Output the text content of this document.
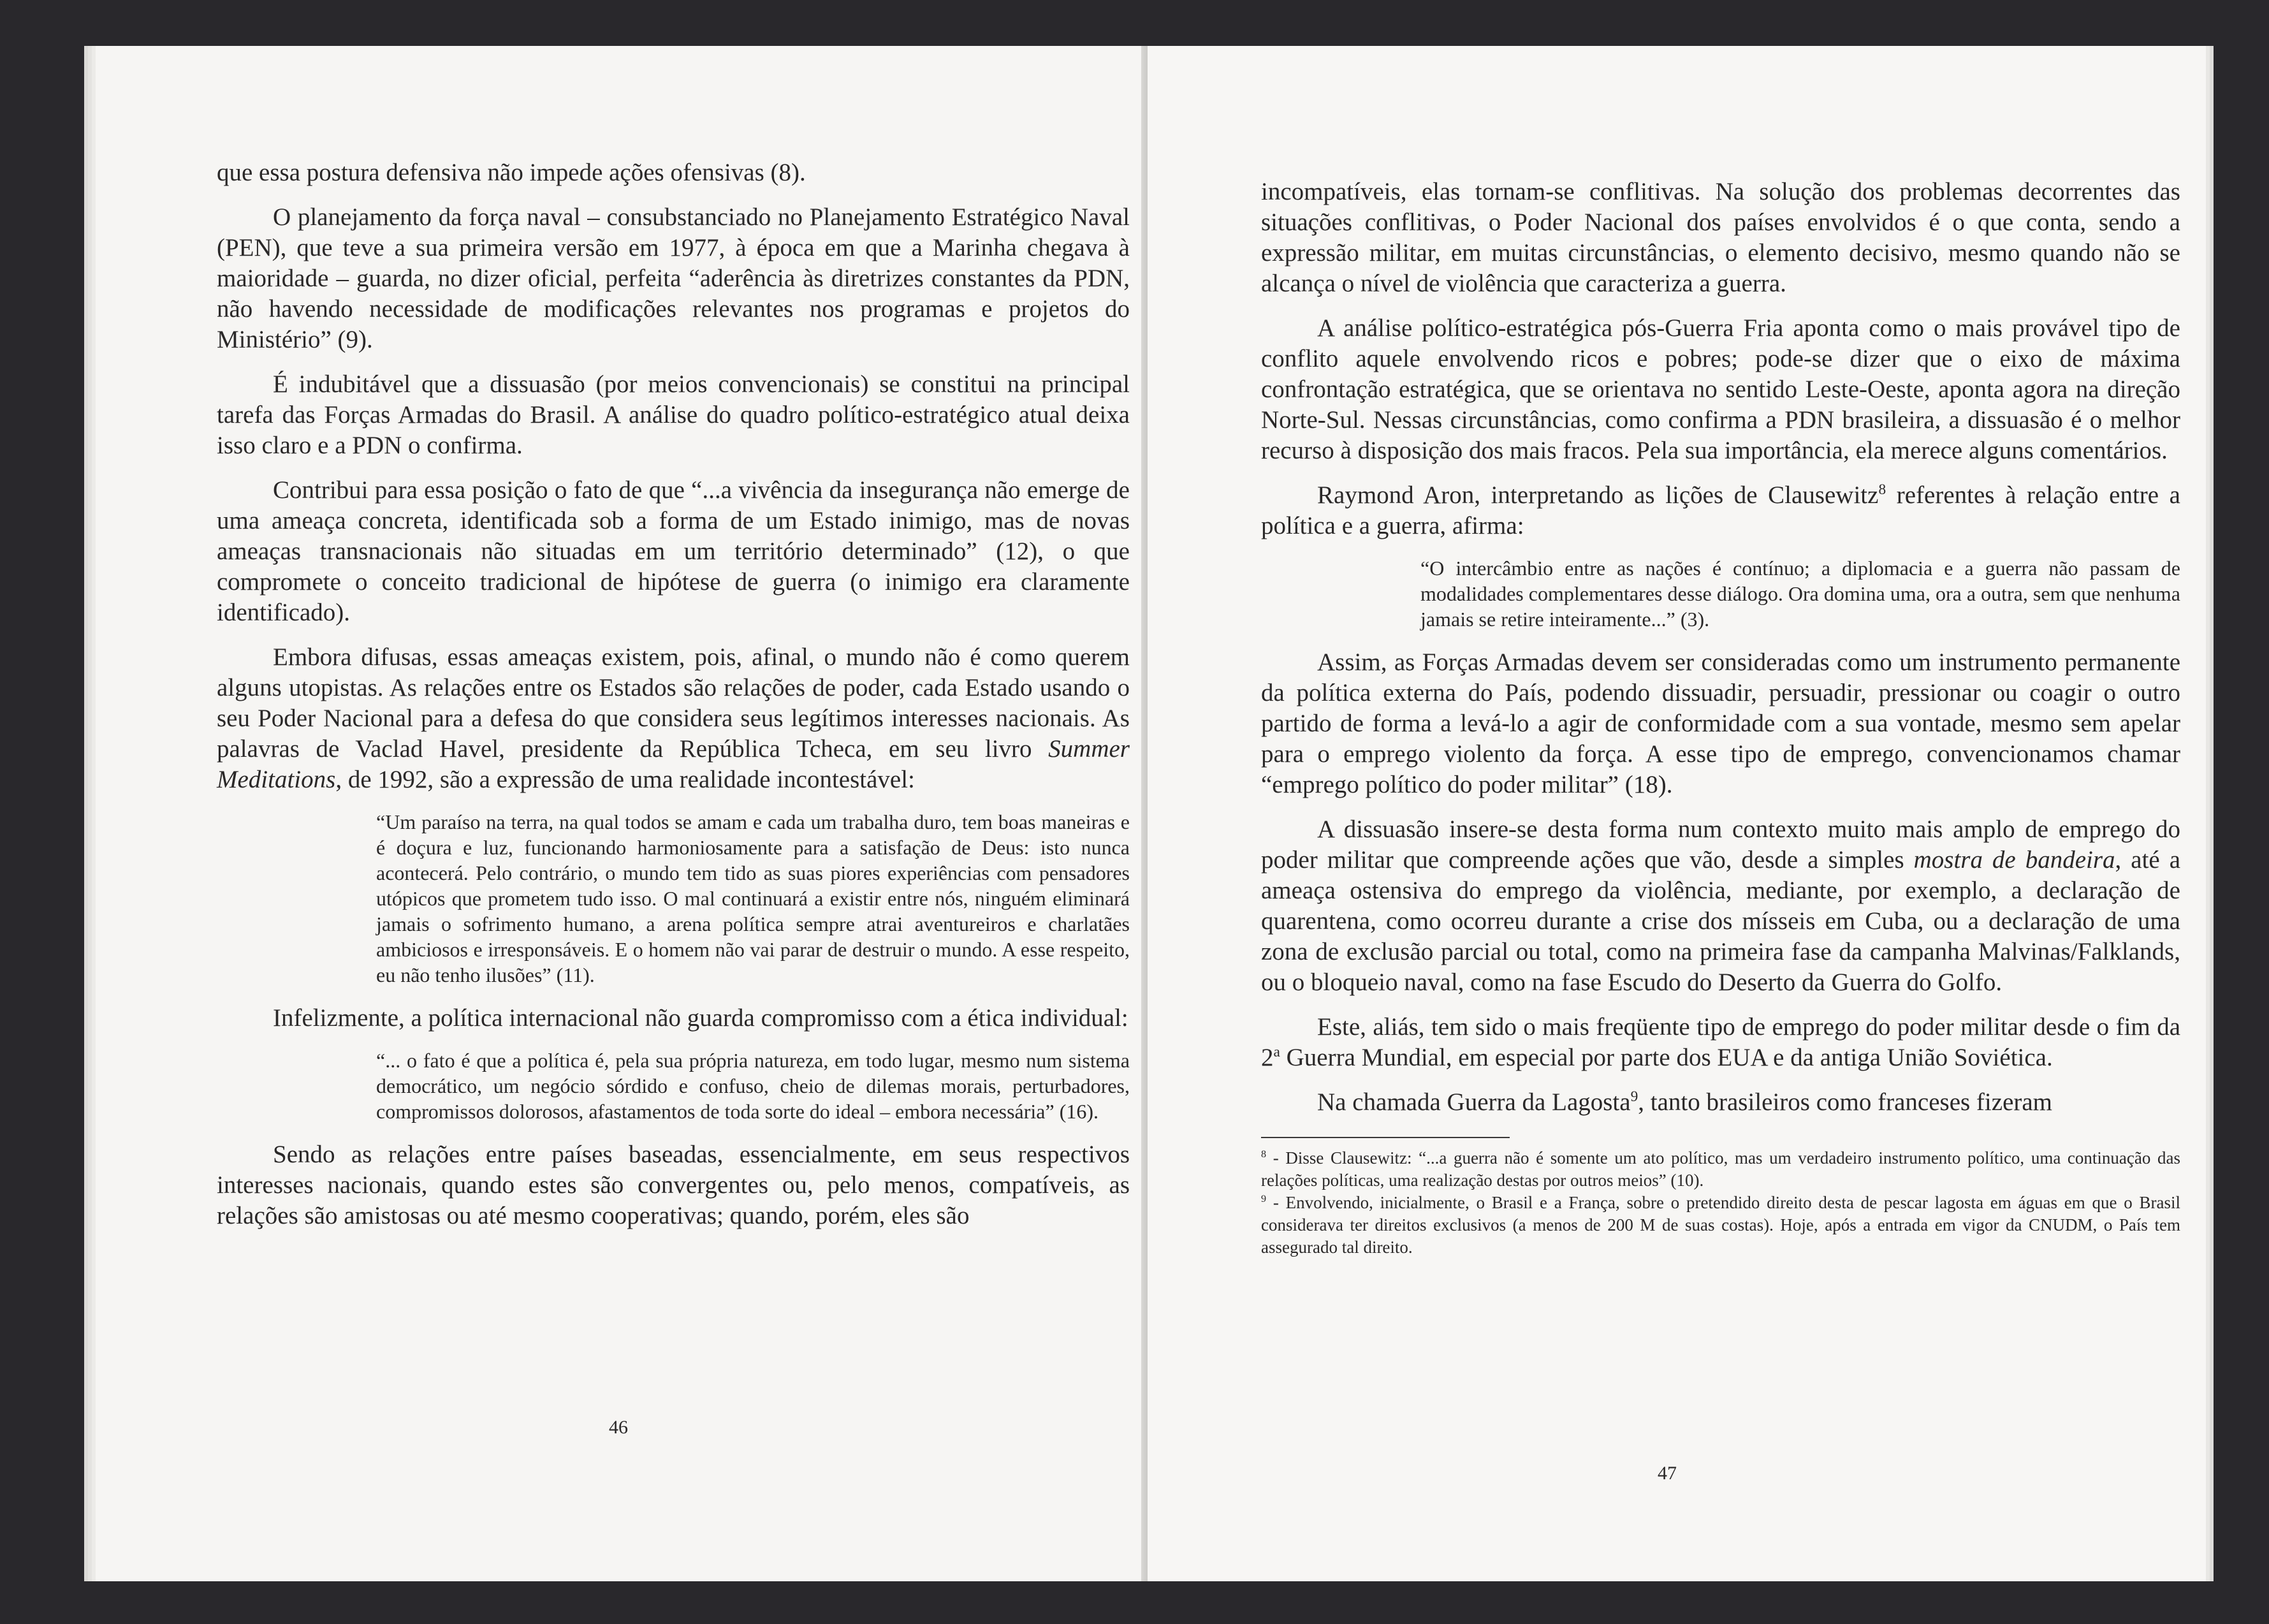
que essa postura defensiva não impede ações ofensivas (8).

O planejamento da força naval – consubstanciado no Planejamento Estratégico Naval (PEN), que teve a sua primeira versão em 1977, à época em que a Marinha chegava à maioridade – guarda, no dizer oficial, perfeita “aderência às diretrizes constantes da PDN, não havendo necessidade de modificações relevantes nos programas e projetos do Ministério” (9).

É indubitável que a dissuasão (por meios convencionais) se constitui na principal tarefa das Forças Armadas do Brasil. A análise do quadro político-estratégico atual deixa isso claro e a PDN o confirma.

Contribui para essa posição o fato de que “...a vivência da insegurança não emerge de uma ameaça concreta, identificada sob a forma de um Estado inimigo, mas de novas ameaças transnacionais não situadas em um território determinado” (12), o que compromete o conceito tradicional de hipótese de guerra (o inimigo era claramente identificado).

Embora difusas, essas ameaças existem, pois, afinal, o mundo não é como querem alguns utopistas. As relações entre os Estados são relações de poder, cada Estado usando o seu Poder Nacional para a defesa do que considera seus legítimos interesses nacionais. As palavras de Vaclad Havel, presidente da República Tcheca, em seu livro Summer Meditations, de 1992, são a expressão de uma realidade incontestável:

“Um paraíso na terra, na qual todos se amam e cada um trabalha duro, tem boas maneiras e é doçura e luz, funcionando harmoniosamente para a satisfação de Deus: isto nunca acontecerá. Pelo contrário, o mundo tem tido as suas piores experiências com pensadores utópicos que prometem tudo isso. O mal continuará a existir entre nós, ninguém eliminará jamais o sofrimento humano, a arena política sempre atrai aventureiros e charlatães ambiciosos e irresponsáveis. E o homem não vai parar de destruir o mundo. A esse respeito, eu não tenho ilusões” (11).

Infelizmente, a política internacional não guarda compromisso com a ética individual:

“... o fato é que a política é, pela sua própria natureza, em todo lugar, mesmo num sistema democrático, um negócio sórdido e confuso, cheio de dilemas morais, perturbadores, compromissos dolorosos, afastamentos de toda sorte do ideal – embora necessária” (16).

Sendo as relações entre países baseadas, essencialmente, em seus respectivos interesses nacionais, quando estes são convergentes ou, pelo menos, compatíveis, as relações são amistosas ou até mesmo cooperativas; quando, porém, eles são

46

incompatíveis, elas tornam-se conflitivas. Na solução dos problemas decorrentes das situações conflitivas, o Poder Nacional dos países envolvidos é o que conta, sendo a expressão militar, em muitas circunstâncias, o elemento decisivo, mesmo quando não se alcança o nível de violência que caracteriza a guerra.

A análise político-estratégica pós-Guerra Fria aponta como o mais provável tipo de conflito aquele envolvendo ricos e pobres; pode-se dizer que o eixo de máxima confrontação estratégica, que se orientava no sentido Leste-Oeste, aponta agora na direção Norte-Sul. Nessas circunstâncias, como confirma a PDN brasileira, a dissuasão é o melhor recurso à disposição dos mais fracos. Pela sua importância, ela merece alguns comentários.

Raymond Aron, interpretando as lições de Clausewitz$^8$ referentes à relação entre a política e a guerra, afirma:

“O intercâmbio entre as nações é contínuo; a diplomacia e a guerra não passam de modalidades complementares desse diálogo. Ora domina uma, ora a outra, sem que nenhuma jamais se retire inteiramente...” (3).

Assim, as Forças Armadas devem ser consideradas como um instrumento permanente da política externa do País, podendo dissuadir, persuadir, pressionar ou coagir o outro partido de forma a levá-lo a agir de conformidade com a sua vontade, mesmo sem apelar para o emprego violento da força. A esse tipo de emprego, convencionamos chamar “emprego político do poder militar” (18).

A dissuasão insere-se desta forma num contexto muito mais amplo de emprego do poder militar que compreende ações que vão, desde a simples mostra de bandeira, até a ameaça ostensiva do emprego da violência, mediante, por exemplo, a declaração de quarentena, como ocorreu durante a crise dos mísseis em Cuba, ou a declaração de uma zona de exclusão parcial ou total, como na primeira fase da campanha Malvinas/Falklands, ou o bloqueio naval, como na fase Escudo do Deserto da Guerra do Golfo.

Este, aliás, tem sido o mais freqüente tipo de emprego do poder militar desde o fim da 2$^a$ Guerra Mundial, em especial por parte dos EUA e da antiga União Soviética.

Na chamada Guerra da Lagosta$^9$, tanto brasileiros como franceses fizeram

$^8$ - Disse Clausewitz: “...a guerra não é somente um ato político, mas um verdadeiro instrumento político, uma continuação das relações políticas, uma realização destas por outros meios” (10).

$^9$ - Envolvendo, inicialmente, o Brasil e a França, sobre o pretendido direito desta de pescar lagosta em águas em que o Brasil considerava ter direitos exclusivos (a menos de 200 M de suas costas). Hoje, após a entrada em vigor da CNUDM, o País tem assegurado tal direito.

47
